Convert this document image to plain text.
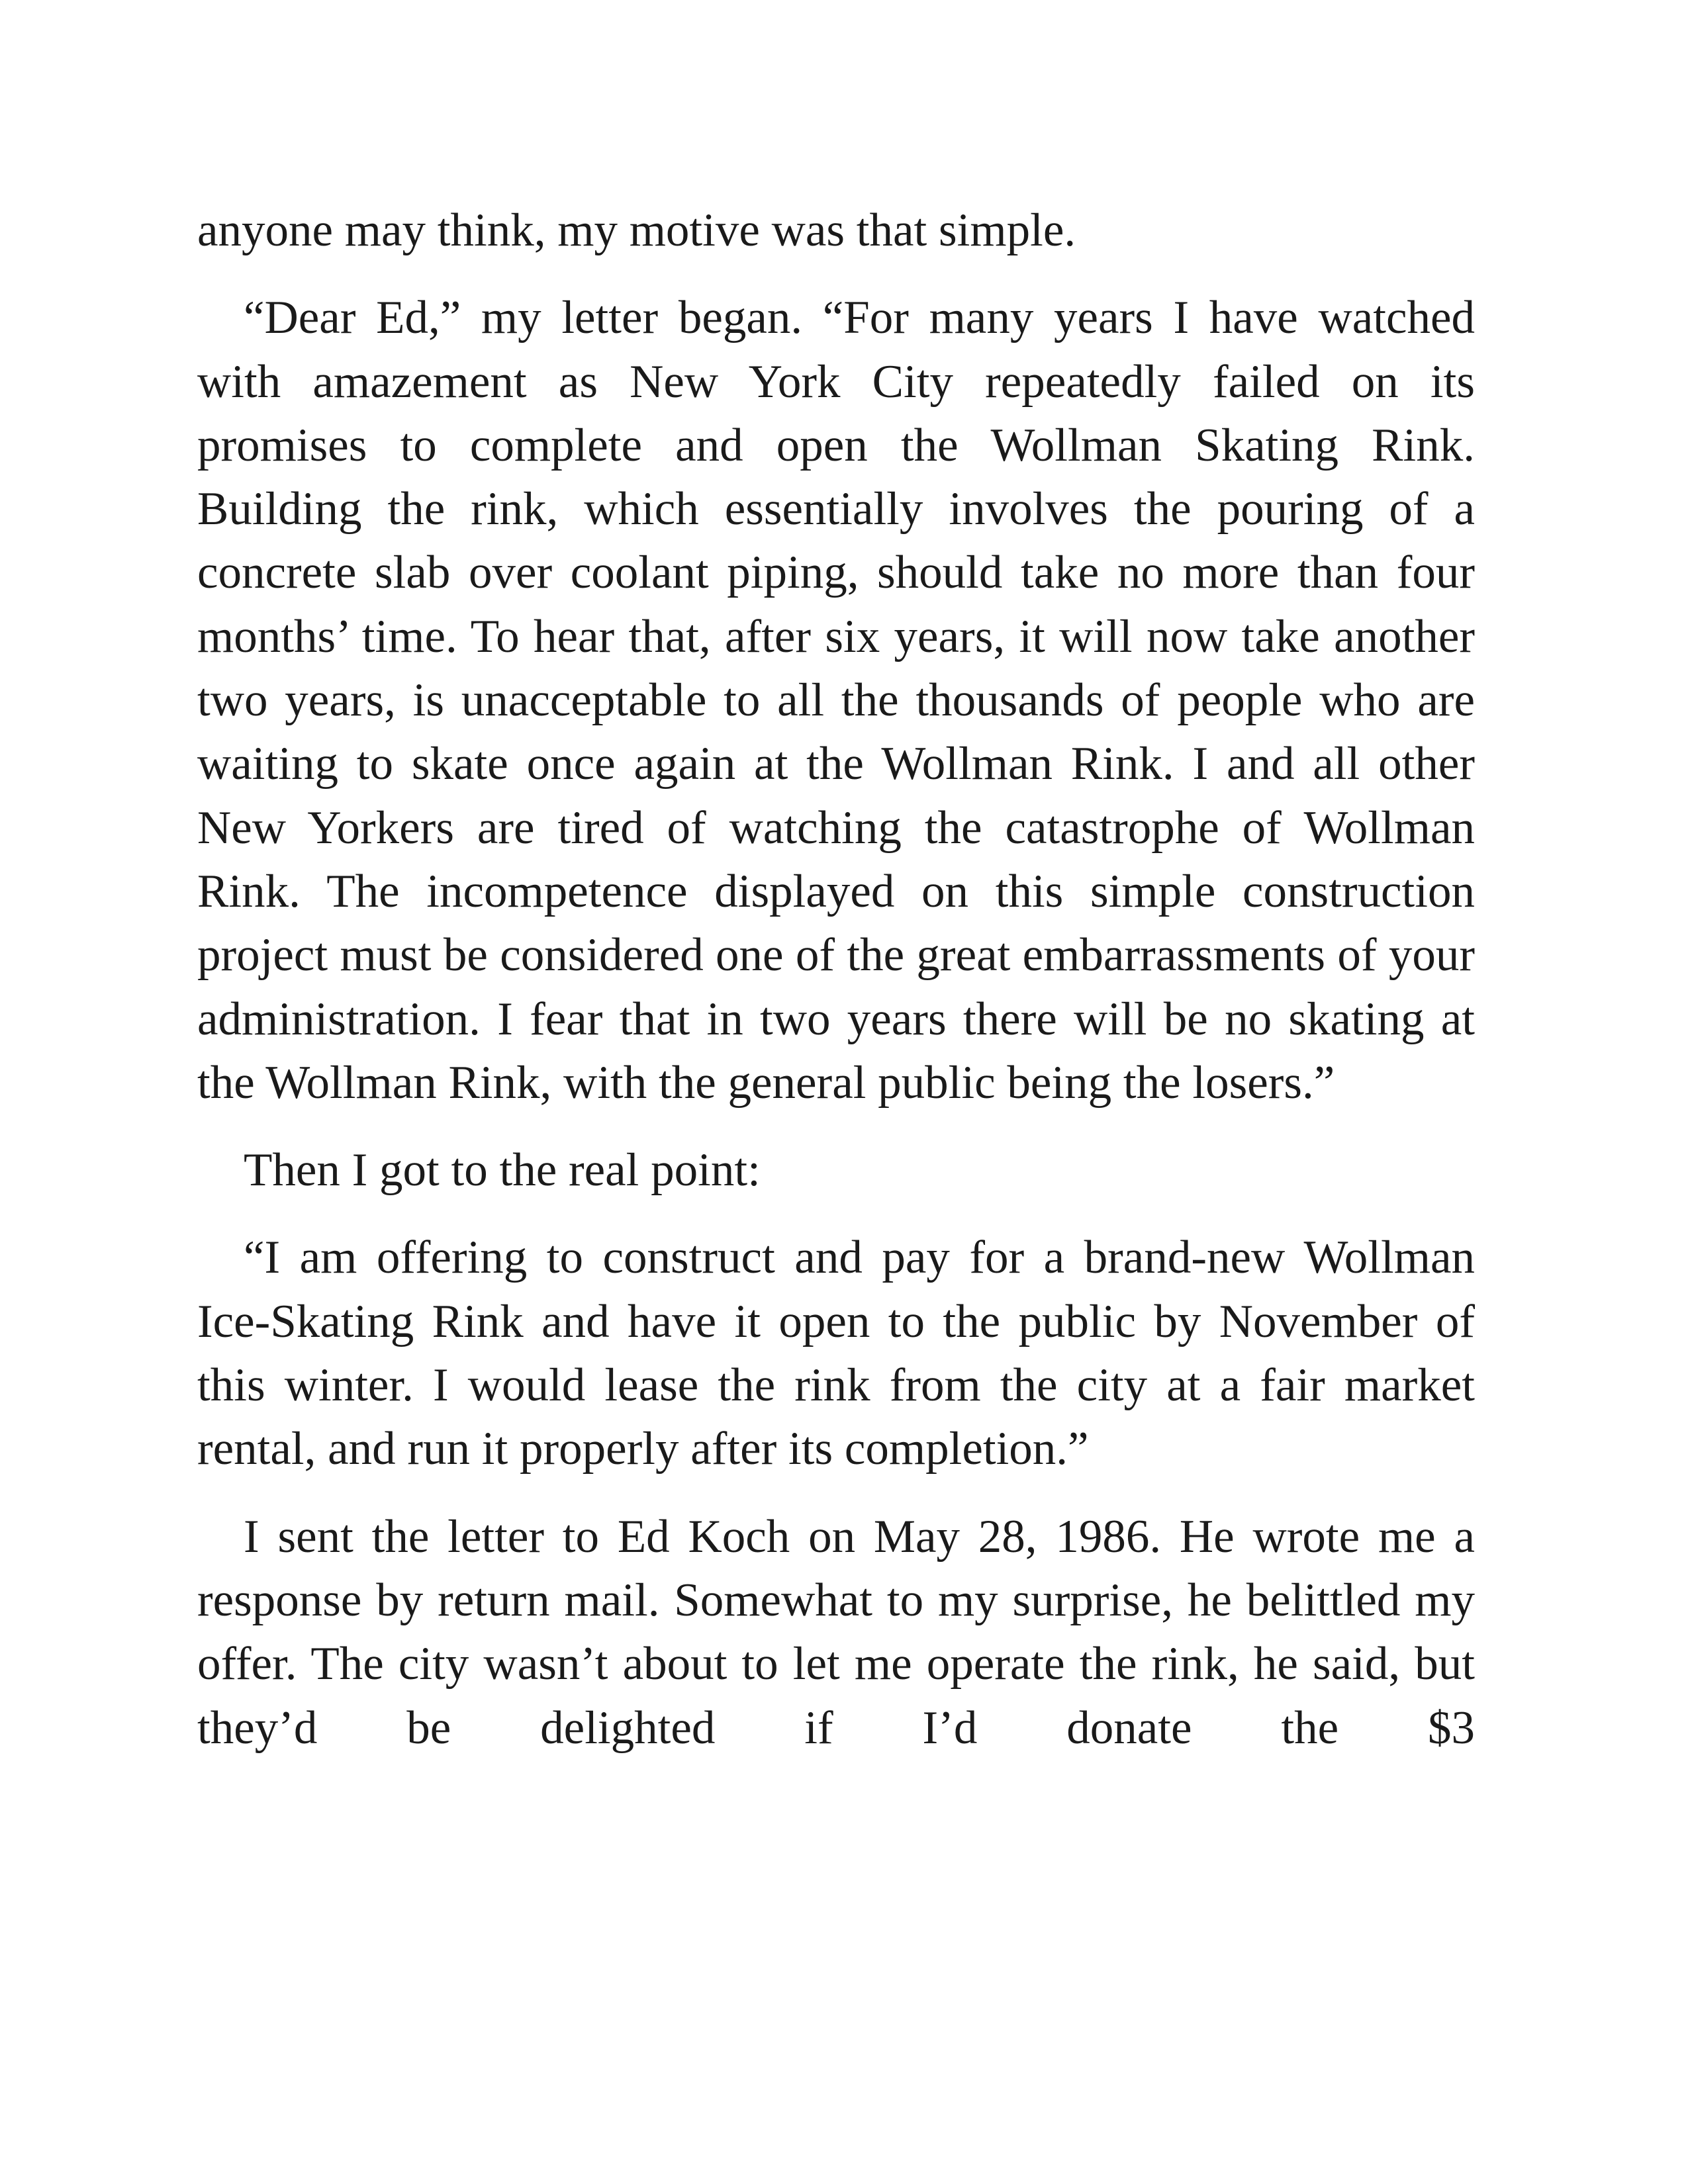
anyone may think, my motive was that simple.

“Dear Ed,” my letter began. “For many years I have watched with amazement as New York City repeatedly failed on its promises to complete and open the Wollman Skating Rink. Building the rink, which essentially involves the pouring of a concrete slab over coolant piping, should take no more than four months’ time. To hear that, after six years, it will now take another two years, is unacceptable to all the thousands of people who are waiting to skate once again at the Wollman Rink. I and all other New Yorkers are tired of watching the catastrophe of Wollman Rink. The incompetence displayed on this simple construction project must be considered one of the great embarrassments of your administration. I fear that in two years there will be no skating at the Wollman Rink, with the general public being the losers.”

Then I got to the real point:

“I am offering to construct and pay for a brand-new Wollman Ice-Skating Rink and have it open to the public by November of this winter. I would lease the rink from the city at a fair market rental, and run it properly after its completion.”

I sent the letter to Ed Koch on May 28, 1986. He wrote me a response by return mail. Somewhat to my surprise, he belittled my offer. The city wasn’t about to let me operate the rink, he said, but they’d be delighted if I’d donate the $3
